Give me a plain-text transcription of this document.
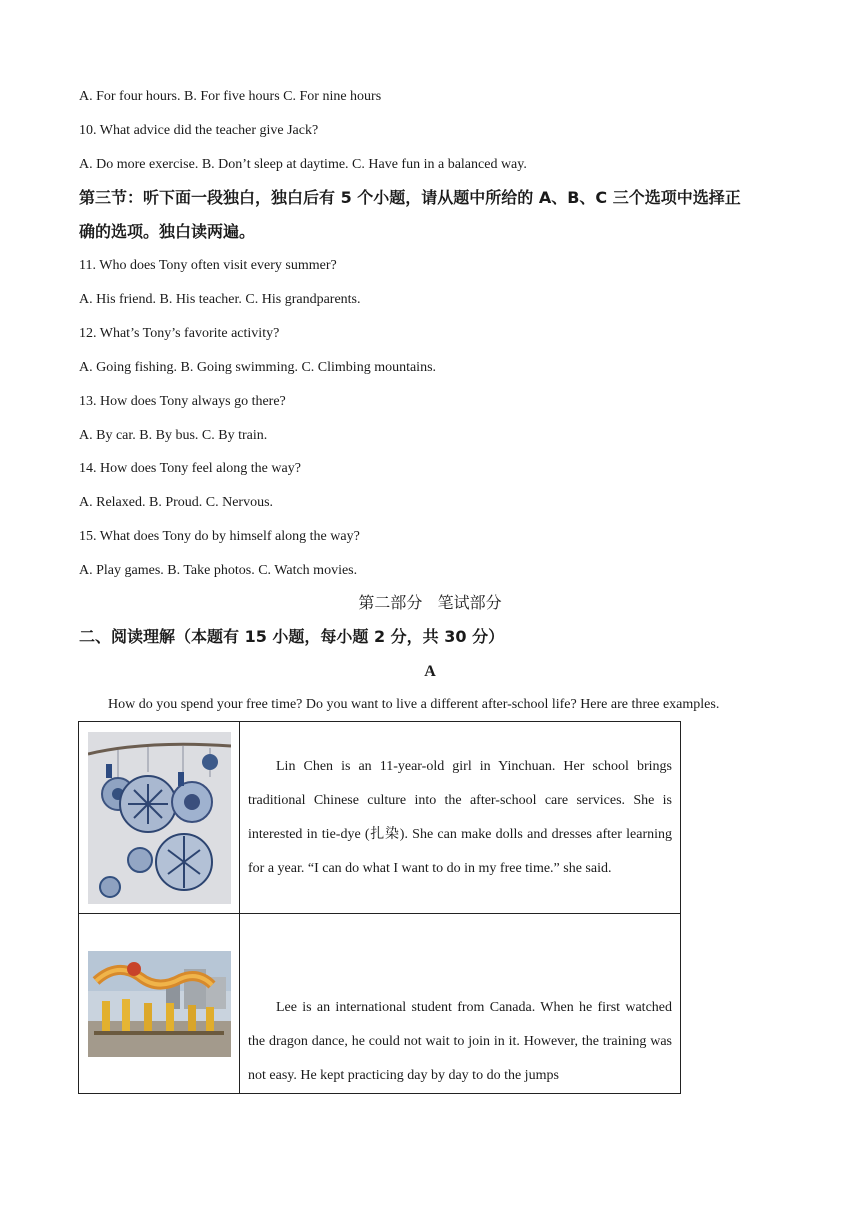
A. For four hours. B. For five hours C. For nine hours
10. What advice did the teacher give Jack?
A. Do more exercise. B. Don’t sleep at daytime. C. Have fun in a balanced way.
第三节：听下面一段独白，独白后有 5 个小题，请从题中所给的 A、B、C 三个选项中选择正
确的选项。独白读两遍。
11. Who does Tony often visit every summer?
A. His friend. B. His teacher. C. His grandparents.
12. What’s Tony’s favorite activity?
A. Going fishing. B. Going swimming. C. Climbing mountains.
13. How does Tony always go there?
A. By car. B. By bus. C. By train.
14. How does Tony feel along the way?
A. Relaxed. B. Proud. C. Nervous.
15. What does Tony do by himself along the way?
A. Play games. B. Take photos. C. Watch movies.
第二部分   笔试部分
二、阅读理解（本题有 15 小题，每小题 2 分，共 30 分）
A
How do you spend your free time? Do you want to live a different after-school life? Here are three examples.

Lin Chen is an 11-year-old girl in Yinchuan. Her school brings traditional Chinese culture into the after-school care services. She is interested in tie-dye (扎染). She can make dolls and dresses after learning for a year. “I can do what I want to do in my free time.” she said.

Lee is an international student from Canada. When he first watched the dragon dance, he could not wait to join in it. However, the training was not easy. He kept practicing day by day to do the jumps
